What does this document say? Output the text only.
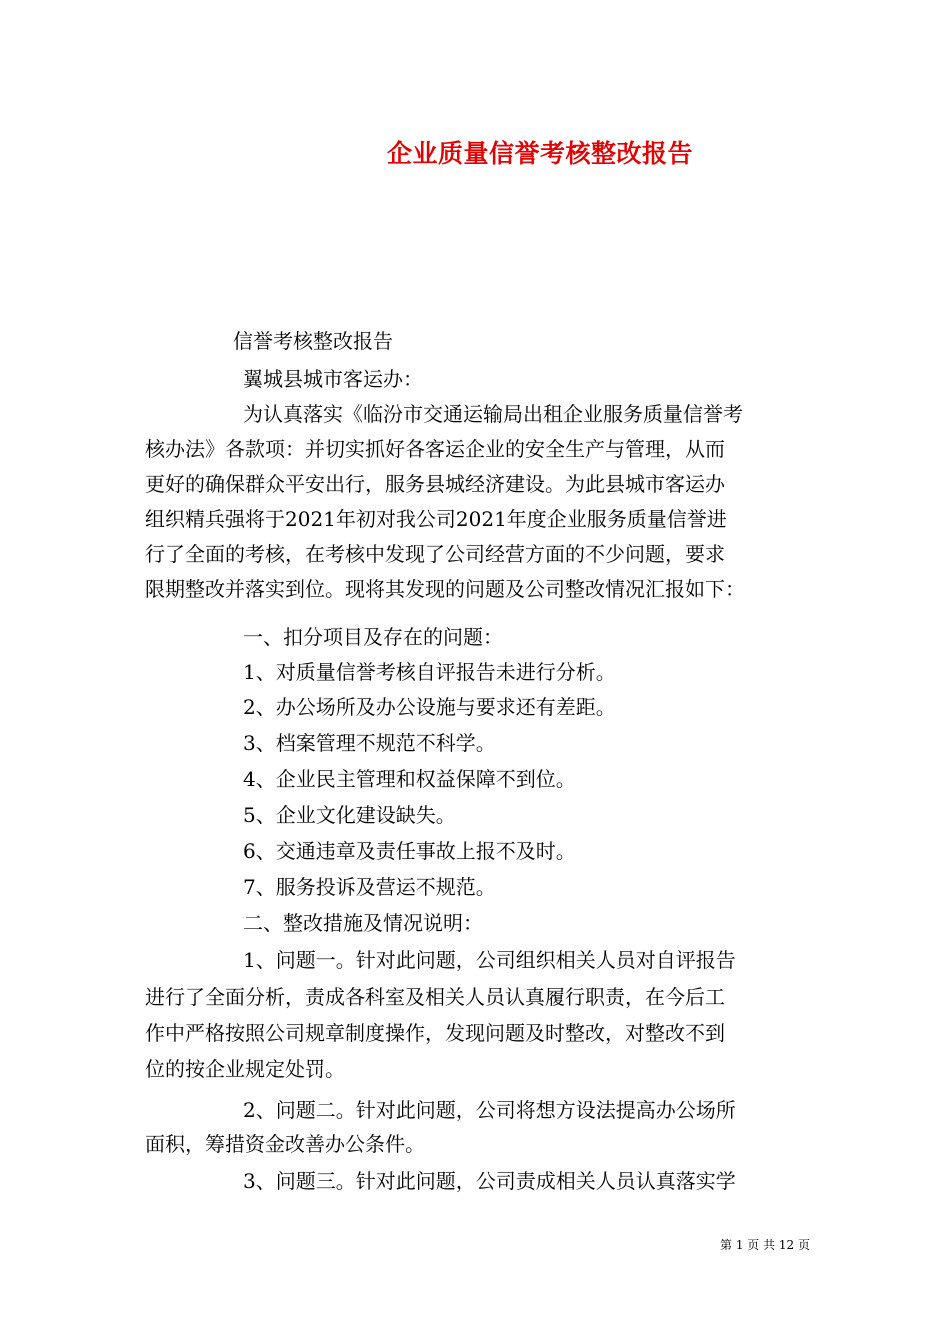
企业质量信誉考核整改报告

信誉考核整改报告

翼城县城市客运办：

为认真落实《临汾市交通运输局出租企业服务质量信誉考

核办法》各款项：并切实抓好各客运企业的安全生产与管理，从而

更好的确保群众平安出行，服务县城经济建设。为此县城市客运办

组织精兵强将于2021年初对我公司2021年度企业服务质量信誉进

行了全面的考核，在考核中发现了公司经营方面的不少问题，要求

限期整改并落实到位。现将其发现的问题及公司整改情况汇报如下：

一、扣分项目及存在的问题：

1、对质量信誉考核自评报告未进行分析。

2、办公场所及办公设施与要求还有差距。

3、档案管理不规范不科学。

4、企业民主管理和权益保障不到位。

5、企业文化建设缺失。

6、交通违章及责任事故上报不及时。

7、服务投诉及营运不规范。

二、整改措施及情况说明：

1、问题一。针对此问题，公司组织相关人员对自评报告

进行了全面分析，责成各科室及相关人员认真履行职责，在今后工

作中严格按照公司规章制度操作，发现问题及时整改，对整改不到

位的按企业规定处罚。

2、问题二。针对此问题，公司将想方设法提高办公场所

面积，筹措资金改善办公条件。

3、问题三。针对此问题，公司责成相关人员认真落实学

第 1 页 共 12 页
